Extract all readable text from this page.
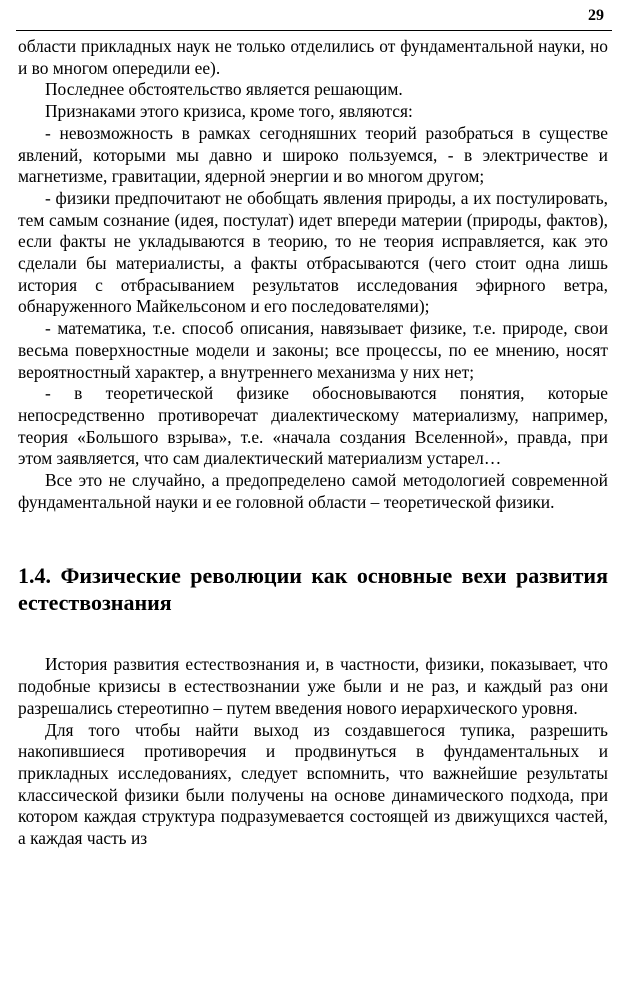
29

области прикладных наук не только отделились от фундаментальной науки, но и во многом опередили ее).

Последнее обстоятельство является решающим.

Признаками этого кризиса, кроме того, являются:

- невозможность в рамках сегодняшних теорий разобраться в существе явлений, которыми мы давно и широко пользуемся, - в электричестве и магнетизме, гравитации, ядерной энергии и во многом другом;

- физики предпочитают не обобщать явления природы, а их постулировать, тем самым сознание (идея, постулат) идет впереди материи (природы, фактов), если факты не укладываются в теорию, то не теория исправляется, как это сделали бы материалисты, а факты отбрасываются (чего стоит одна лишь история с отбрасыванием результатов исследования эфирного ветра, обнаруженного Майкельсоном и его последователями);

- математика, т.е. способ описания, навязывает физике, т.е. природе, свои весьма поверхностные модели и законы; все процессы, по ее мнению, носят вероятностный характер, а внутреннего механизма у них нет;

- в теоретической физике обосновываются понятия, которые непосредственно противоречат диалектическому материализму, например, теория «Большого взрыва», т.е. «начала создания Вселенной», правда, при этом заявляется, что сам диалектический материализм устарел…

Все это не случайно, а предопределено самой методологией современной фундаментальной науки и ее головной области – теоретической физики.

1.4. Физические революции как основные вехи развития естествознания

История развития естествознания и, в частности, физики, показывает, что подобные кризисы в естествознании уже были и не раз, и каждый раз они разрешались стереотипно – путем введения нового иерархического уровня.

Для того чтобы найти выход из создавшегося тупика, разрешить накопившиеся противоречия и продвинуться в фундаментальных и прикладных исследованиях, следует вспомнить, что важнейшие результаты классической физики были получены на основе динамического подхода, при котором каждая структура подразумевается состоящей из движущихся частей, а каждая часть из
